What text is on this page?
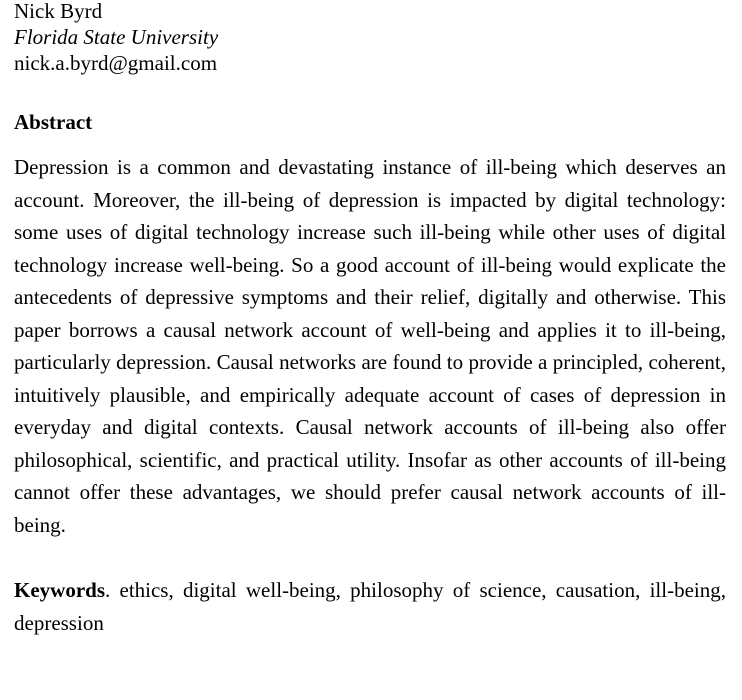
Nick Byrd
Florida State University
nick.a.byrd@gmail.com
Abstract
Depression is a common and devastating instance of ill-being which deserves an account. Moreover, the ill-being of depression is impacted by digital technology: some uses of digital technology increase such ill-being while other uses of digital technology increase well-being. So a good account of ill-being would explicate the antecedents of depressive symptoms and their relief, digitally and otherwise. This paper borrows a causal network account of well-being and applies it to ill-being, particularly depression. Causal networks are found to provide a principled, coherent, intuitively plausible, and empirically adequate account of cases of depression in everyday and digital contexts. Causal network accounts of ill-being also offer philosophical, scientific, and practical utility. Insofar as other accounts of ill-being cannot offer these advantages, we should prefer causal network accounts of ill-being.
Keywords. ethics, digital well-being, philosophy of science, causation, ill-being, depression
